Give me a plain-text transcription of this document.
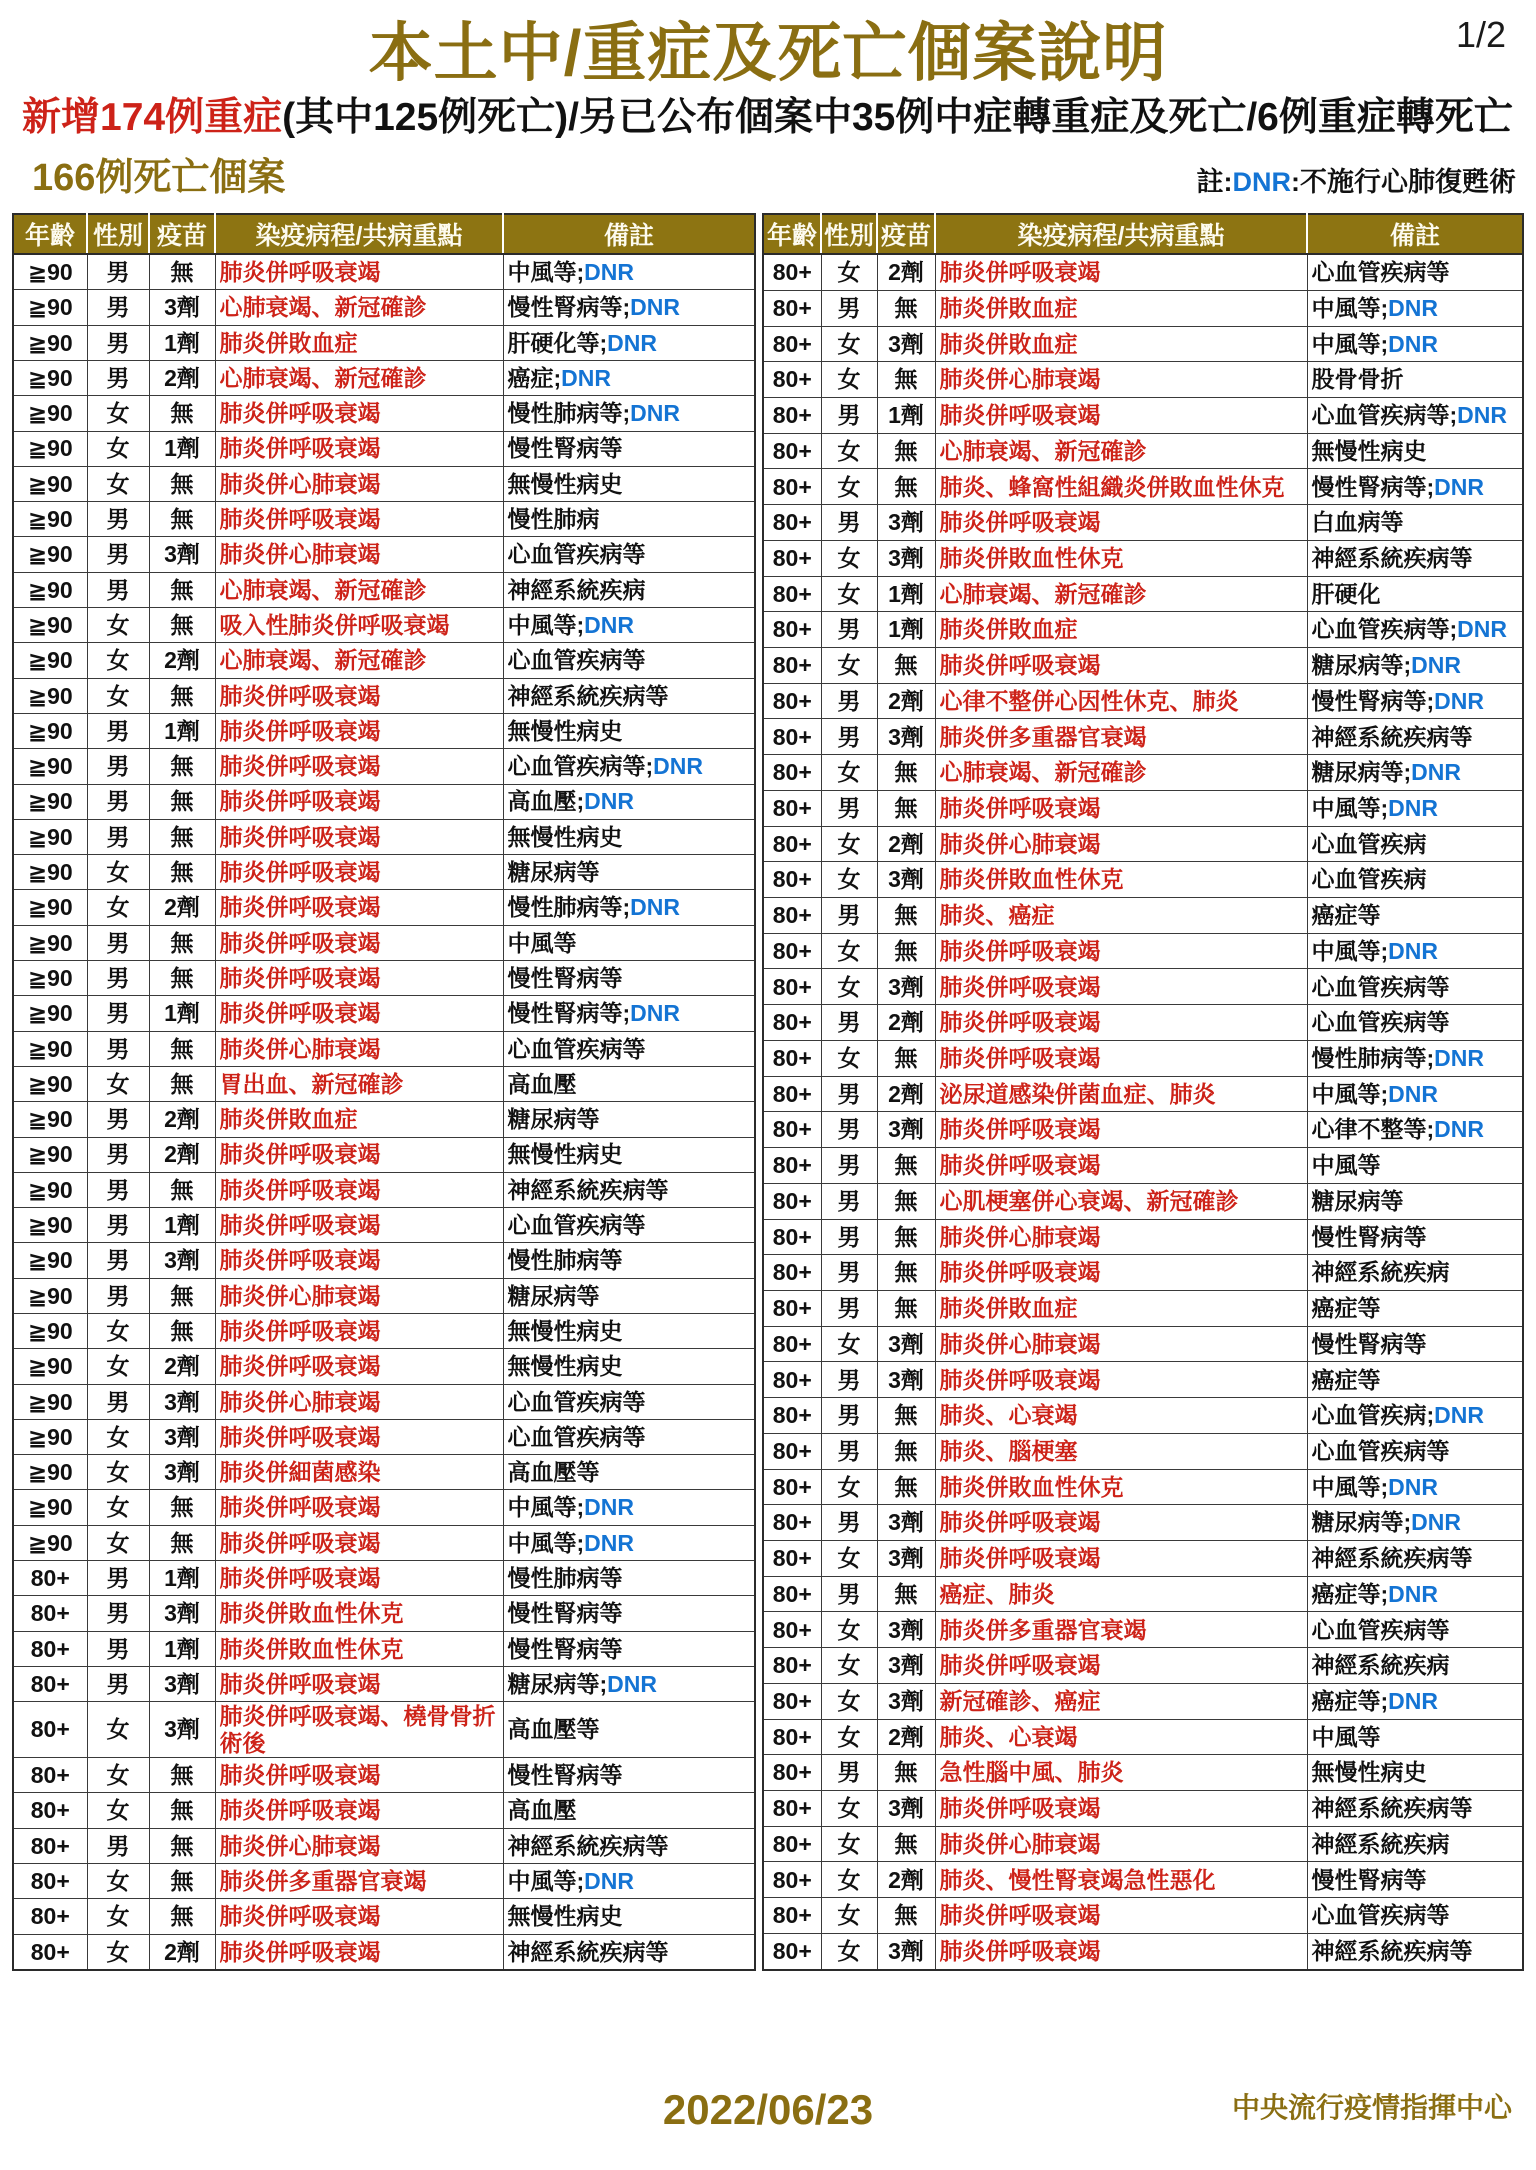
1/2
本土中/重症及死亡個案說明
新增174例重症(其中125例死亡)/另已公布個案中35例中症轉重症及死亡/6例重症轉死亡
166例死亡個案	註:DNR:不施行心肺復甦術
年齡	性別	疫苗	染疫病程/共病重點	備註
≧90	男	無	肺炎併呼吸衰竭	中風等;DNR
≧90	男	3劑	心肺衰竭、新冠確診	慢性腎病等;DNR
≧90	男	1劑	肺炎併敗血症	肝硬化等;DNR
≧90	男	2劑	心肺衰竭、新冠確診	癌症;DNR
≧90	女	無	肺炎併呼吸衰竭	慢性肺病等;DNR
≧90	女	1劑	肺炎併呼吸衰竭	慢性腎病等
≧90	女	無	肺炎併心肺衰竭	無慢性病史
≧90	男	無	肺炎併呼吸衰竭	慢性肺病
≧90	男	3劑	肺炎併心肺衰竭	心血管疾病等
≧90	男	無	心肺衰竭、新冠確診	神經系統疾病
≧90	女	無	吸入性肺炎併呼吸衰竭	中風等;DNR
≧90	女	2劑	心肺衰竭、新冠確診	心血管疾病等
≧90	女	無	肺炎併呼吸衰竭	神經系統疾病等
≧90	男	1劑	肺炎併呼吸衰竭	無慢性病史
≧90	男	無	肺炎併呼吸衰竭	心血管疾病等;DNR
≧90	男	無	肺炎併呼吸衰竭	高血壓;DNR
≧90	男	無	肺炎併呼吸衰竭	無慢性病史
≧90	女	無	肺炎併呼吸衰竭	糖尿病等
≧90	女	2劑	肺炎併呼吸衰竭	慢性肺病等;DNR
≧90	男	無	肺炎併呼吸衰竭	中風等
≧90	男	無	肺炎併呼吸衰竭	慢性腎病等
≧90	男	1劑	肺炎併呼吸衰竭	慢性腎病等;DNR
≧90	男	無	肺炎併心肺衰竭	心血管疾病等
≧90	女	無	胃出血、新冠確診	高血壓
≧90	男	2劑	肺炎併敗血症	糖尿病等
≧90	男	2劑	肺炎併呼吸衰竭	無慢性病史
≧90	男	無	肺炎併呼吸衰竭	神經系統疾病等
≧90	男	1劑	肺炎併呼吸衰竭	心血管疾病等
≧90	男	3劑	肺炎併呼吸衰竭	慢性肺病等
≧90	男	無	肺炎併心肺衰竭	糖尿病等
≧90	女	無	肺炎併呼吸衰竭	無慢性病史
≧90	女	2劑	肺炎併呼吸衰竭	無慢性病史
≧90	男	3劑	肺炎併心肺衰竭	心血管疾病等
≧90	女	3劑	肺炎併呼吸衰竭	心血管疾病等
≧90	女	3劑	肺炎併細菌感染	高血壓等
≧90	女	無	肺炎併呼吸衰竭	中風等;DNR
≧90	女	無	肺炎併呼吸衰竭	中風等;DNR
80+	男	1劑	肺炎併呼吸衰竭	慢性肺病等
80+	男	3劑	肺炎併敗血性休克	慢性腎病等
80+	男	1劑	肺炎併敗血性休克	慢性腎病等
80+	男	3劑	肺炎併呼吸衰竭	糖尿病等;DNR
80+	女	3劑	肺炎併呼吸衰竭、橈骨骨折術後	高血壓等
80+	女	無	肺炎併呼吸衰竭	慢性腎病等
80+	女	無	肺炎併呼吸衰竭	高血壓
80+	男	無	肺炎併心肺衰竭	神經系統疾病等
80+	女	無	肺炎併多重器官衰竭	中風等;DNR
80+	女	無	肺炎併呼吸衰竭	無慢性病史
80+	女	2劑	肺炎併呼吸衰竭	神經系統疾病等
年齡	性別	疫苗	染疫病程/共病重點	備註
80+	女	2劑	肺炎併呼吸衰竭	心血管疾病等
80+	男	無	肺炎併敗血症	中風等;DNR
80+	女	3劑	肺炎併敗血症	中風等;DNR
80+	女	無	肺炎併心肺衰竭	股骨骨折
80+	男	1劑	肺炎併呼吸衰竭	心血管疾病等;DNR
80+	女	無	心肺衰竭、新冠確診	無慢性病史
80+	女	無	肺炎、蜂窩性組織炎併敗血性休克	慢性腎病等;DNR
80+	男	3劑	肺炎併呼吸衰竭	白血病等
80+	女	3劑	肺炎併敗血性休克	神經系統疾病等
80+	女	1劑	心肺衰竭、新冠確診	肝硬化
80+	男	1劑	肺炎併敗血症	心血管疾病等;DNR
80+	女	無	肺炎併呼吸衰竭	糖尿病等;DNR
80+	男	2劑	心律不整併心因性休克、肺炎	慢性腎病等;DNR
80+	男	3劑	肺炎併多重器官衰竭	神經系統疾病等
80+	女	無	心肺衰竭、新冠確診	糖尿病等;DNR
80+	男	無	肺炎併呼吸衰竭	中風等;DNR
80+	女	2劑	肺炎併心肺衰竭	心血管疾病
80+	女	3劑	肺炎併敗血性休克	心血管疾病
80+	男	無	肺炎、癌症	癌症等
80+	女	無	肺炎併呼吸衰竭	中風等;DNR
80+	女	3劑	肺炎併呼吸衰竭	心血管疾病等
80+	男	2劑	肺炎併呼吸衰竭	心血管疾病等
80+	女	無	肺炎併呼吸衰竭	慢性肺病等;DNR
80+	男	2劑	泌尿道感染併菌血症、肺炎	中風等;DNR
80+	男	3劑	肺炎併呼吸衰竭	心律不整等;DNR
80+	男	無	肺炎併呼吸衰竭	中風等
80+	男	無	心肌梗塞併心衰竭、新冠確診	糖尿病等
80+	男	無	肺炎併心肺衰竭	慢性腎病等
80+	男	無	肺炎併呼吸衰竭	神經系統疾病
80+	男	無	肺炎併敗血症	癌症等
80+	女	3劑	肺炎併心肺衰竭	慢性腎病等
80+	男	3劑	肺炎併呼吸衰竭	癌症等
80+	男	無	肺炎、心衰竭	心血管疾病;DNR
80+	男	無	肺炎、腦梗塞	心血管疾病等
80+	女	無	肺炎併敗血性休克	中風等;DNR
80+	男	3劑	肺炎併呼吸衰竭	糖尿病等;DNR
80+	女	3劑	肺炎併呼吸衰竭	神經系統疾病等
80+	男	無	癌症、肺炎	癌症等;DNR
80+	女	3劑	肺炎併多重器官衰竭	心血管疾病等
80+	女	3劑	肺炎併呼吸衰竭	神經系統疾病
80+	女	3劑	新冠確診、癌症	癌症等;DNR
80+	女	2劑	肺炎、心衰竭	中風等
80+	男	無	急性腦中風、肺炎	無慢性病史
80+	女	3劑	肺炎併呼吸衰竭	神經系統疾病等
80+	女	無	肺炎併心肺衰竭	神經系統疾病
80+	女	2劑	肺炎、慢性腎衰竭急性惡化	慢性腎病等
80+	女	無	肺炎併呼吸衰竭	心血管疾病等
80+	女	3劑	肺炎併呼吸衰竭	神經系統疾病等
2022/06/23	中央流行疫情指揮中心
